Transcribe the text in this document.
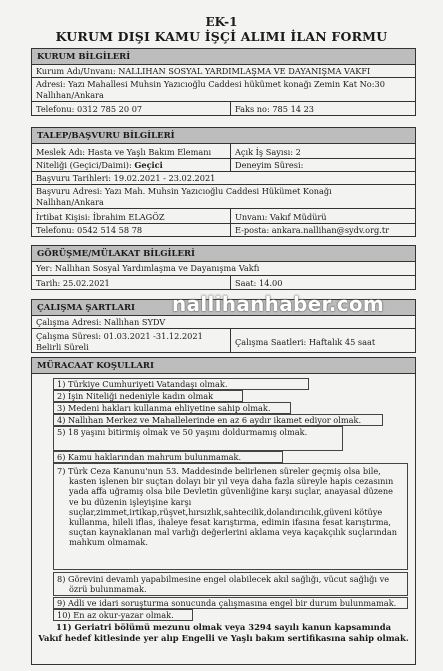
EK-1
KURUM DIŞI KAMU İŞÇİ ALIMI İLAN FORMU
KURUM BİLGİLERİ
Kurum Adı/Unvanı: NALLIHAN SOSYAL YARDIMLAŞMA VE DAYANIŞMA VAKFI
Adresi: Yazı Mahallesi Muhsin Yazıcıoğlu Caddesi hükümet konağı Zemin Kat No:30
Nallıhan/Ankara
Telefonu: 0312 785 20 07	Faks no: 785 14 23
TALEP/BAŞVURU BİLGİLERİ
Meslek Adı: Hasta ve Yaşlı Bakım Elemanı	Açık İş Sayısı: 2
Niteliği (Geçici/Daimi): Geçici	Deneyim Süresi:
Başvuru Tarihleri: 19.02.2021 - 23.02.2021
Başvuru Adresi: Yazı Mah. Muhsin Yazıcıoğlu Caddesi Hükümet Konağı
Nallıhan/Ankara
İrtibat Kişisi: İbrahim ELAGÖZ	Unvanı: Vakıf Müdürü
Telefonu: 0542 514 58 78	E-posta: ankara.nallihan@sydv.org.tr
GÖRÜŞME/MÜLAKAT BİLGİLERİ
Yer: Nallıhan Sosyal Yardımlaşma ve Dayanışma Vakfı
Tarih: 25.02.2021	Saat: 14.00
ÇALIŞMA ŞARTLARI
Çalışma Adresi: Nallıhan SYDV
Çalışma Süresi: 01.03.2021 -31.12.2021
Belirli Süreli	Çalışma Saatleri: Haftalık 45 saat
nallihanhaber.com
MÜRACAAT KOŞULLARI
1) Türkiye Cumhuriyeti Vatandaşı olmak.
2) İşin Niteliği nedeniyle kadın olmak
3) Medeni hakları kullanma ehliyetine sahip olmak.
4) Nallıhan Merkez ve Mahallelerinde en az 6 aydır ikamet ediyor olmak.
5) 18 yaşını bitirmiş olmak ve 50 yaşını doldurmamış olmak.
6) Kamu haklarından mahrum bulunmamak.
7) Türk Ceza Kanunu'nun 53. Maddesinde belirlenen süreler geçmiş olsa bile,
kasten işlenen bir suçtan dolayı bir yıl veya daha fazla süreyle hapis cezasının
yada affa uğramış olsa bile Devletin güvenliğine karşı suçlar, anayasal düzene
ve bu düzenin işleyişine karşı
suçlar,zimmet,irtikap,rüşvet,hırsızlık,sahtecilik,dolandırıcılık,güveni kötüye
kullanma, hileli iflas, ihaleye fesat karıştırma, edimin ifasına fesat karıştırma,
suçtan kaynaklanan mal varlığı değerlerini aklama veya kaçakçılık suçlarından
mahkum olmamak.
8) Görevini devamlı yapabilmesine engel olabilecek akıl sağlığı, vücut sağlığı ve
özrü bulunmamak.
9) Adli ve idari soruşturma sonucunda çalışmasına engel bir durum bulunmamak.
10) En az okur-yazar olmak.
11) Geriatri bölümü mezunu olmak veya 3294 sayılı kanun kapsamında
Vakıf hedef kitlesinde yer alıp Engelli ve Yaşlı bakım sertifikasına sahip olmak.
